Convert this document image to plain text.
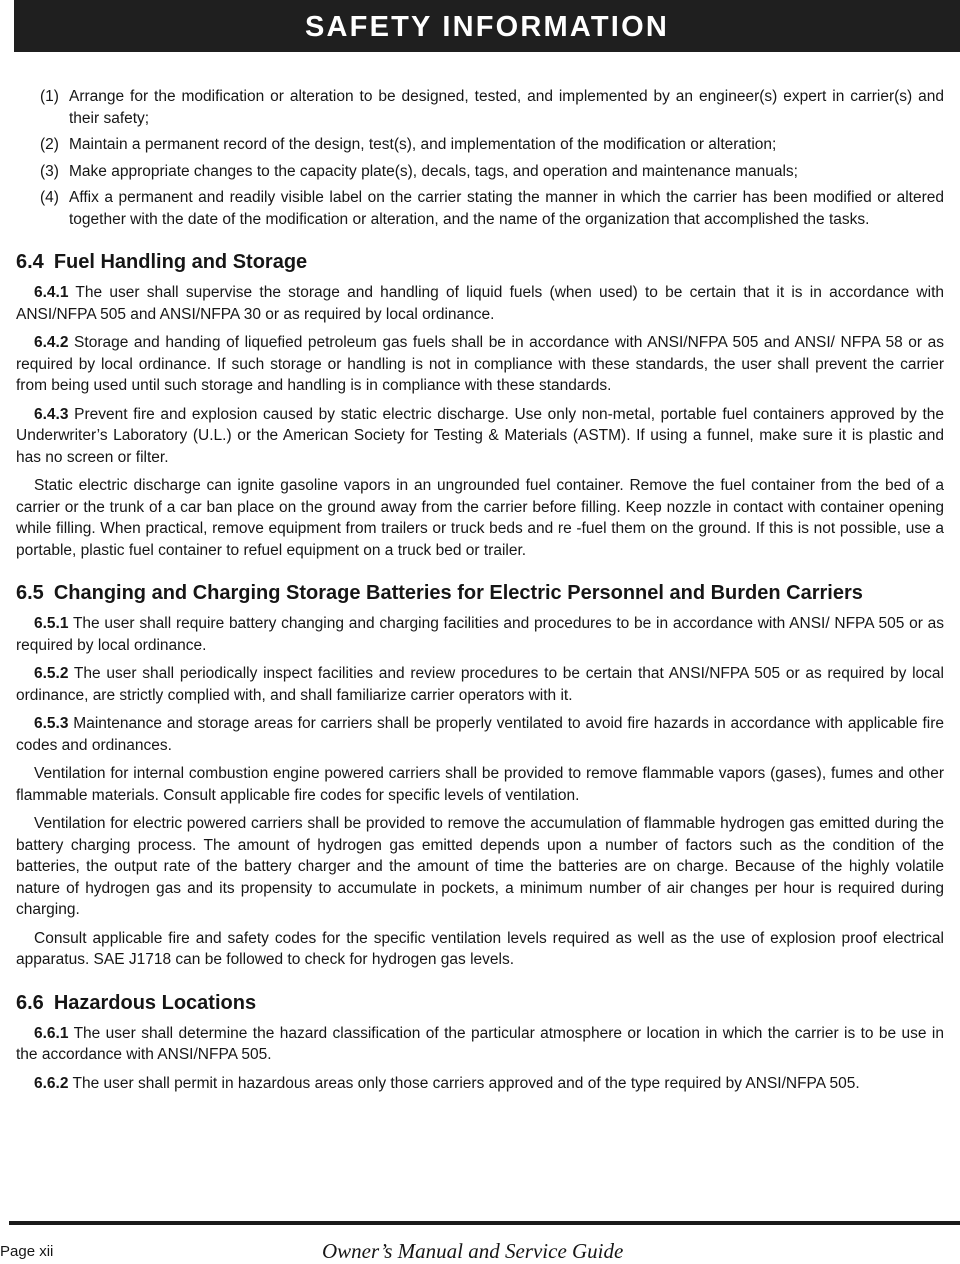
SAFETY INFORMATION
(1) Arrange for the modification or alteration to be designed, tested, and implemented by an engineer(s) expert in carrier(s) and their safety;
(2) Maintain a permanent record of the design, test(s), and implementation of the modification or alteration;
(3) Make appropriate changes to the capacity plate(s), decals, tags, and operation and maintenance manuals;
(4) Affix a permanent and readily visible label on the carrier stating the manner in which the carrier has been modified or altered together with the date of the modification or alteration, and the name of the organization that accomplished the tasks.
6.4 Fuel Handling and Storage

6.4.1 The user shall supervise the storage and handling of liquid fuels (when used) to be certain that it is in accordance with ANSI/NFPA 505 and ANSI/NFPA 30 or as required by local ordinance.

6.4.2 Storage and handing of liquefied petroleum gas fuels shall be in accordance with ANSI/NFPA 505 and ANSI/ NFPA 58 or as required by local ordinance. If such storage or handling is not in compliance with these standards, the user shall prevent the carrier from being used until such storage and handling is in compliance with these standards.

6.4.3 Prevent fire and explosion caused by static electric discharge. Use only non-metal, portable fuel containers approved by the Underwriter’s Laboratory (U.L.) or the American Society for Testing & Materials (ASTM). If using a funnel, make sure it is plastic and has no screen or filter.

Static electric discharge can ignite gasoline vapors in an ungrounded fuel container. Remove the fuel container from the bed of a carrier or the trunk of a car ban place on the ground away from the carrier before filling. Keep nozzle in contact with container opening while filling. When practical, remove equipment from trailers or truck beds and re -fuel them on the ground. If this is not possible, use a portable, plastic fuel container to refuel equipment on a truck bed or trailer.

6.5 Changing and Charging Storage Batteries for Electric Personnel and Burden Carriers

6.5.1 The user shall require battery changing and charging facilities and procedures to be in accordance with ANSI/ NFPA 505 or as required by local ordinance.

6.5.2 The user shall periodically inspect facilities and review procedures to be certain that ANSI/NFPA 505 or as required by local ordinance, are strictly complied with, and shall familiarize carrier operators with it.

6.5.3 Maintenance and storage areas for carriers shall be properly ventilated to avoid fire hazards in accordance with applicable fire codes and ordinances.

Ventilation for internal combustion engine powered carriers shall be provided to remove flammable vapors (gases), fumes and other flammable materials. Consult applicable fire codes for specific levels of ventilation.

Ventilation for electric powered carriers shall be provided to remove the accumulation of flammable hydrogen gas emitted during the battery charging process. The amount of hydrogen gas emitted depends upon a number of factors such as the condition of the batteries, the output rate of the battery charger and the amount of time the batteries are on charge. Because of the highly volatile nature of hydrogen gas and its propensity to accumulate in pockets, a minimum number of air changes per hour is required during charging.

Consult applicable fire and safety codes for the specific ventilation levels required as well as the use of explosion proof electrical apparatus. SAE J1718 can be followed to check for hydrogen gas levels.

6.6 Hazardous Locations

6.6.1 The user shall determine the hazard classification of the particular atmosphere or location in which the carrier is to be use in the accordance with ANSI/NFPA 505.

6.6.2 The user shall permit in hazardous areas only those carriers approved and of the type required by ANSI/NFPA 505.

Page xii	Owner’s Manual and Service Guide
